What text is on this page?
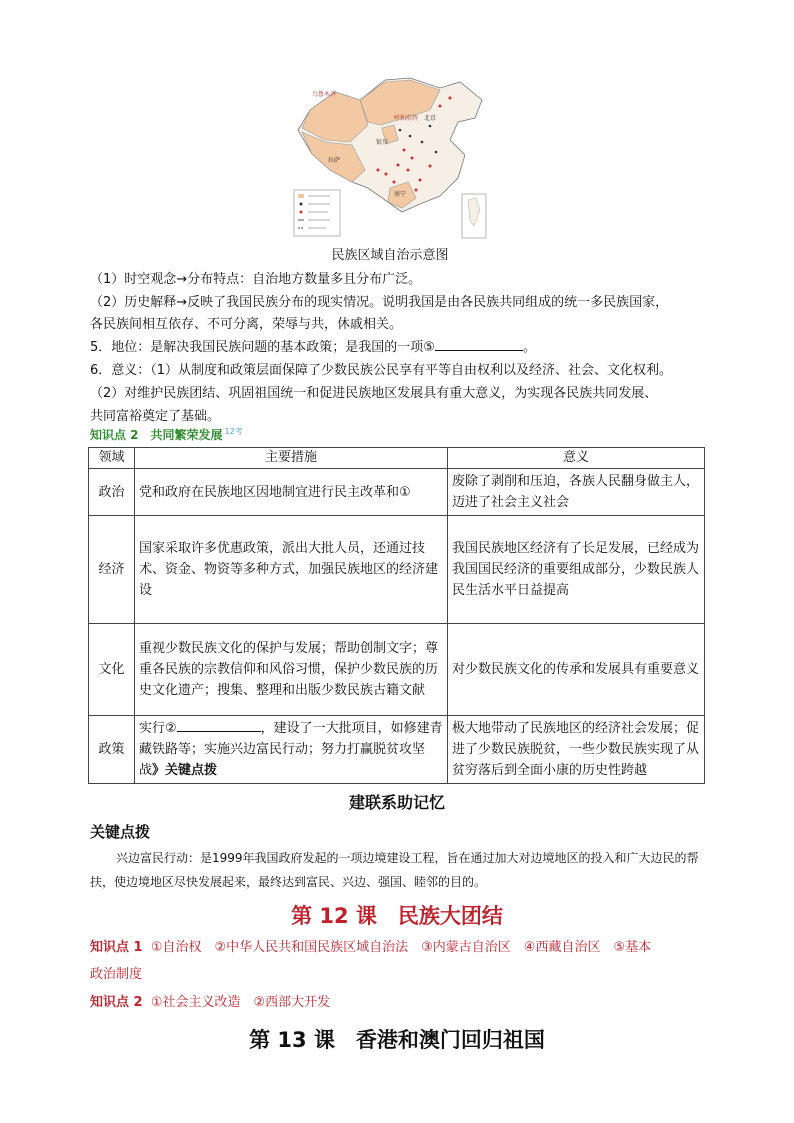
乌鲁木齐
银川
呼和浩特
拉萨
南宁
北京
民族区域自治示意图
（1）时空观念→分布特点：自治地方数量多且分布广泛。
（2）历史解释→反映了我国民族分布的现实情况。说明我国是由各民族共同组成的统一多民族国家，
各民族间相互依存、不可分离，荣辱与共，休戚相关。
5．地位：是解决我国民族问题的基本政策；是我国的一项⑤	。
6．意义：（1）从制度和政策层面保障了少数民族公民享有平等自由权利以及经济、社会、文化权利。
（2）对维护民族团结、巩固祖国统一和促进民族地区发展具有重大意义，为实现各民族共同发展、
共同富裕奠定了基础。
知识点 2　共同繁荣发展 $^{12考}$
领域	主要措施	意义
政治	党和政府在民族地区因地制宜进行民主改革和①	废除了剥削和压迫，各族人民翻身做主人，迈进了社会主义社会
经济	国家采取许多优惠政策，派出大批人员，还通过技术、资金、物资等多种方式，加强民族地区的经济建设	我国民族地区经济有了长足发展，已经成为我国国民经济的重要组成部分，少数民族人民生活水平日益提高
文化	重视少数民族文化的保护与发展；帮助创制文字；尊重各民族的宗教信仰和风俗习惯，保护少数民族的历史文化遗产；搜集、整理和出版少数民族古籍文献	对少数民族文化的传承和发展具有重要意义
政策	实行② ，建设了一大批项目，如修建青藏铁路等；实施兴边富民行动；努力打赢脱贫攻坚战》关键点拨	极大地带动了民族地区的经济社会发展；促进了少数民族脱贫，一些少数民族实现了从贫穷落后到全面小康的历史性跨越
建联系助记忆
关键点拨

兴边富民行动：是1999年我国政府发起的一项边境建设工程，旨在通过加大对边境地区的投入和广大边民的帮扶，使边境地区尽快发展起来，最终达到富民、兴边、强国、睦邻的目的。

第 12 课　民族大团结
知识点 1 ①自治权　②中华人民共和国民族区域自治法　③内蒙古自治区　④西藏自治区　⑤基本
政治制度
知识点 2 ①社会主义改造　②西部大开发
第 13 课　香港和澳门回归祖国
